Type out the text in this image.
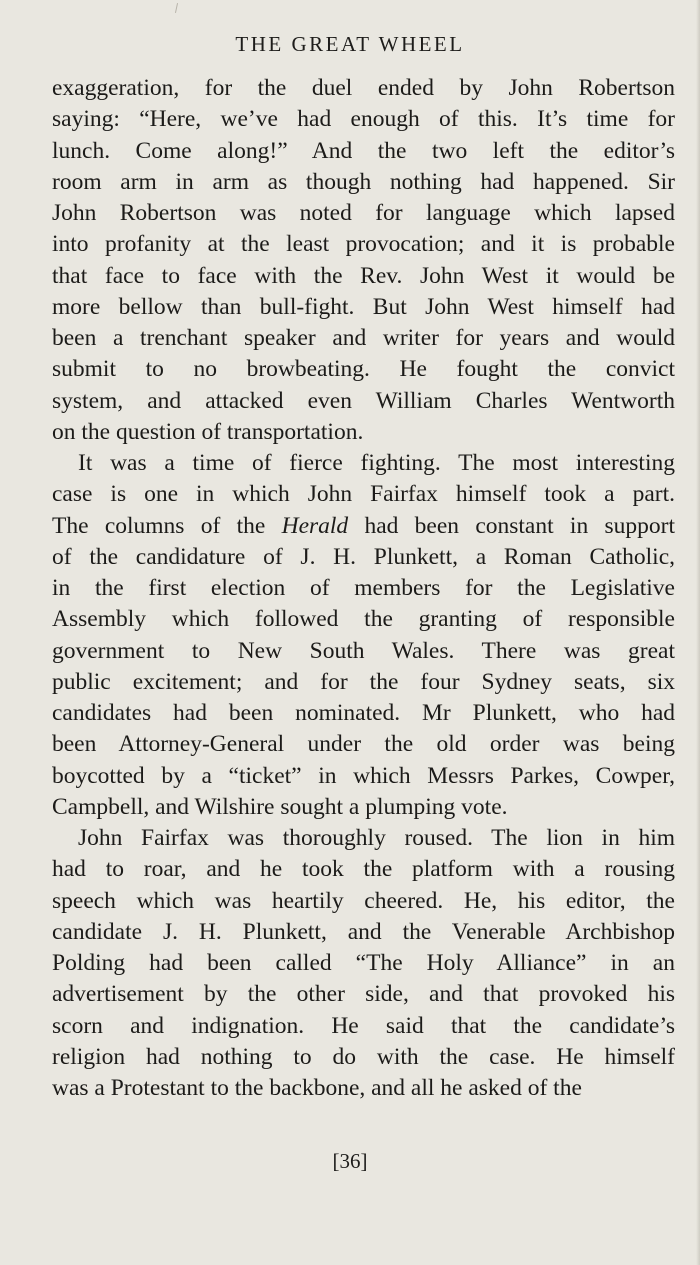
THE GREAT WHEEL
exaggeration, for the duel ended by John Robertson
saying: “Here, we’ve had enough of this. It’s time for
lunch. Come along!” And the two left the editor’s
room arm in arm as though nothing had happened. Sir
John Robertson was noted for language which lapsed
into profanity at the least provocation; and it is probable
that face to face with the Rev. John West it would be
more bellow than bull-fight. But John West himself had
been a trenchant speaker and writer for years and would
submit to no browbeating. He fought the convict
system, and attacked even William Charles Wentworth
on the question of transportation.
It was a time of fierce fighting. The most interesting
case is one in which John Fairfax himself took a part.
The columns of the Herald had been constant in support
of the candidature of J. H. Plunkett, a Roman Catholic,
in the first election of members for the Legislative
Assembly which followed the granting of responsible
government to New South Wales. There was great
public excitement; and for the four Sydney seats, six
candidates had been nominated. Mr Plunkett, who had
been Attorney-General under the old order was being
boycotted by a “ticket” in which Messrs Parkes, Cowper,
Campbell, and Wilshire sought a plumping vote.
John Fairfax was thoroughly roused. The lion in him
had to roar, and he took the platform with a rousing
speech which was heartily cheered. He, his editor, the
candidate J. H. Plunkett, and the Venerable Archbishop
Polding had been called “The Holy Alliance” in an
advertisement by the other side, and that provoked his
scorn and indignation. He said that the candidate’s
religion had nothing to do with the case. He himself
was a Protestant to the backbone, and all he asked of the
[36]
